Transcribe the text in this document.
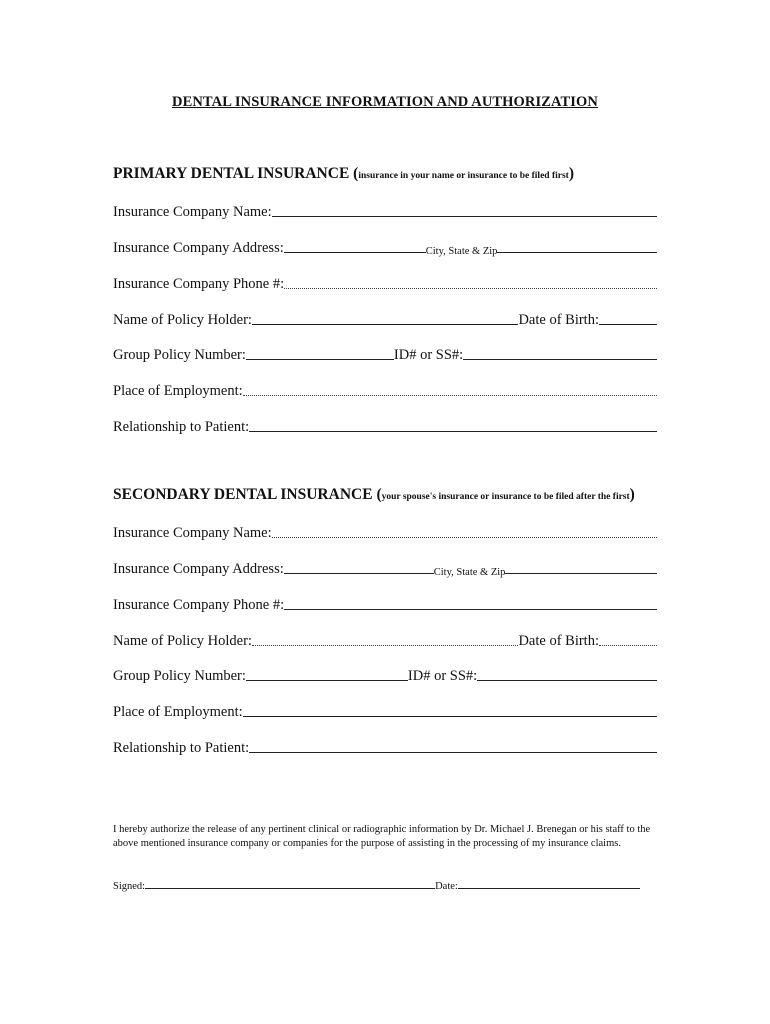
DENTAL INSURANCE INFORMATION AND AUTHORIZATION
PRIMARY DENTAL INSURANCE (insurance in your name or insurance to be filed first)
Insurance Company Name:
Insurance Company Address:	City, State & Zip
Insurance Company Phone #:
Name of Policy Holder:	Date of Birth:
Group Policy Number:	ID# or SS#:
Place of Employment:
Relationship to Patient:
SECONDARY DENTAL INSURANCE (your spouse's insurance or insurance to be filed after the first)
Insurance Company Name:
Insurance Company Address:	City, State & Zip
Insurance Company Phone #:
Name of Policy Holder:	Date of Birth:
Group Policy Number:	ID# or SS#:
Place of Employment:
Relationship to Patient:
I hereby authorize the release of any pertinent clinical or radiographic information by Dr. Michael J. Brenegan or his staff to the above mentioned insurance company or companies for the purpose of assisting in the processing of my insurance claims.
Signed:	Date:
